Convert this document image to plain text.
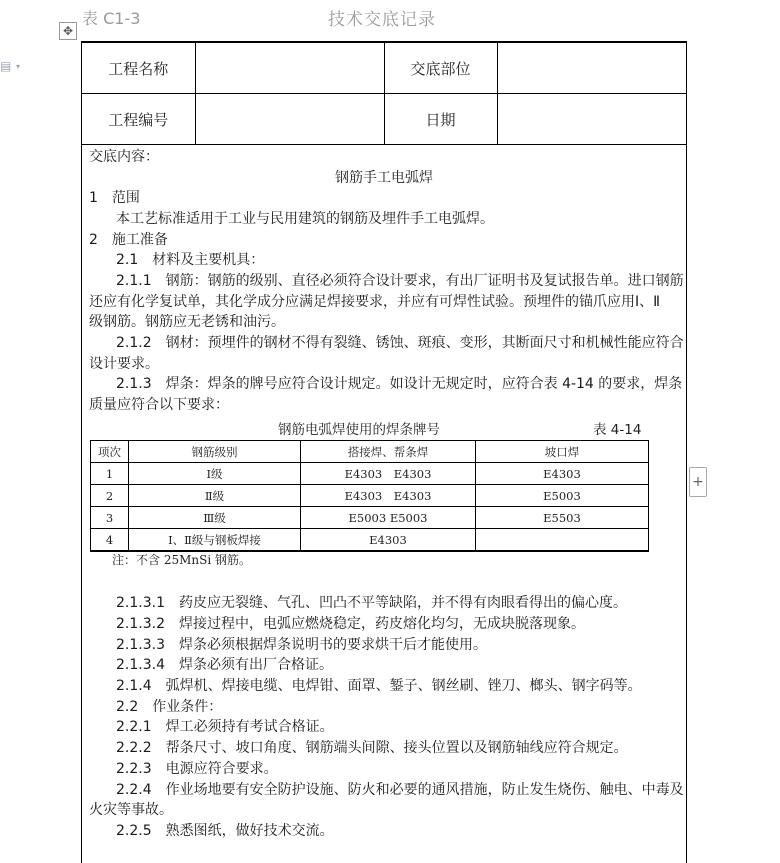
表 C1-3	技术交底记录
✥
▤ ▾
+
工程名称		交底部位	
工程编号		日期	
交底内容：
钢筋手工电弧焊
1　范围
本工艺标准适用于工业与民用建筑的钢筋及埋件手工电弧焊。
2　施工准备
2.1　材料及主要机具：
2.1.1　钢筋：钢筋的级别、直径必须符合设计要求，有出厂证明书及复试报告单。进口钢筋
还应有化学复试单，其化学成分应满足焊接要求，并应有可焊性试验。预埋件的锚爪应用Ⅰ、Ⅱ
级钢筋。钢筋应无老锈和油污。
2.1.2　钢材：预埋件的钢材不得有裂缝、锈蚀、斑痕、变形，其断面尺寸和机械性能应符合
设计要求。
2.1.3　焊条：焊条的牌号应符合设计规定。如设计无规定时，应符合表 4-14 的要求，焊条
质量应符合以下要求：
钢筋电弧焊使用的焊条牌号	表 4-14
项次	钢筋级别	搭接焊、帮条焊	坡口焊
1	Ⅰ级	E4303　E4303	E4303
2	Ⅱ级	E4303　E4303	E5003
3	Ⅲ级	E5003 E5003	E5503
4	Ⅰ、Ⅱ级与钢板焊接	E4303	
注：不含 25MnSi 钢筋。
2.1.3.1　药皮应无裂缝、气孔、凹凸不平等缺陷，并不得有肉眼看得出的偏心度。
2.1.3.2　焊接过程中，电弧应燃烧稳定，药皮熔化均匀，无成块脱落现象。
2.1.3.3　焊条必须根据焊条说明书的要求烘干后才能使用。
2.1.3.4　焊条必须有出厂合格证。
2.1.4　弧焊机、焊接电缆、电焊钳、面罩、錾子、钢丝刷、锉刀、榔头、钢字码等。
2.2　作业条件：
2.2.1　焊工必须持有考试合格证。
2.2.2　帮条尺寸、坡口角度、钢筋端头间隙、接头位置以及钢筋轴线应符合规定。
2.2.3　电源应符合要求。
2.2.4　作业场地要有安全防护设施、防火和必要的通风措施，防止发生烧伤、触电、中毒及
火灾等事故。
2.2.5　熟悉图纸，做好技术交流。
